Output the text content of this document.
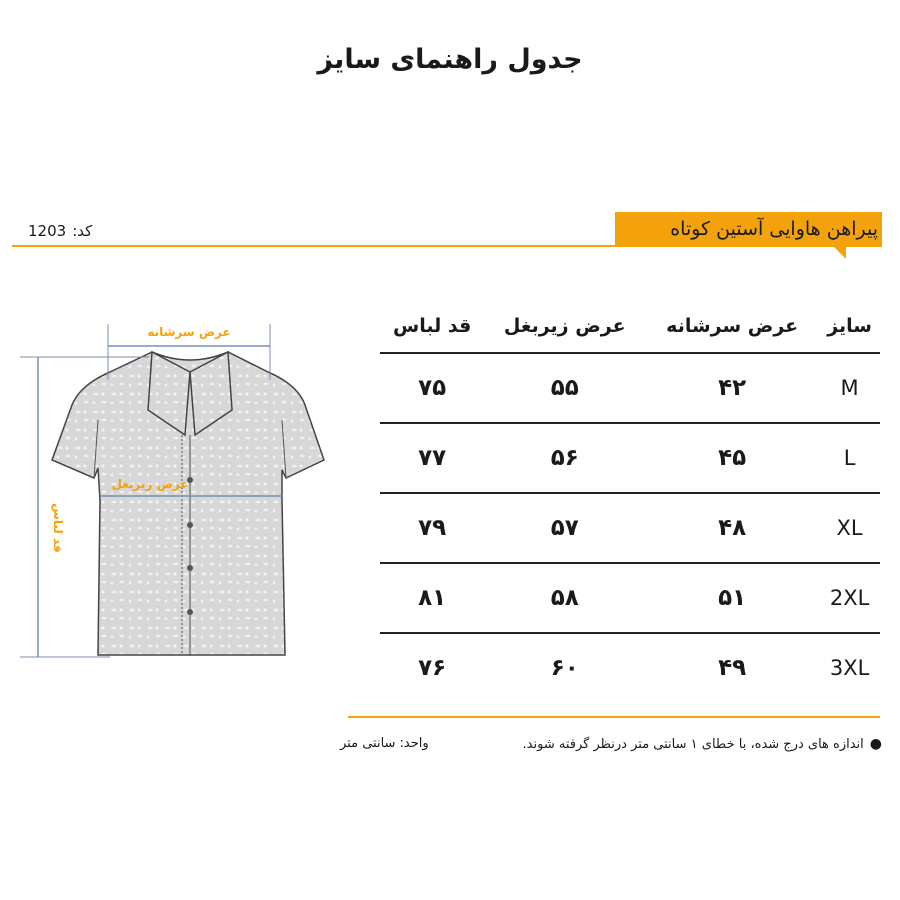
جدول راهنمای سایز
کد:1203	پیراهن هاوایی آستین کوتاه
عرض سرشانه
عرض زیربغل
قد لباس
سایز	عرض سرشانه	عرض زیربغل	قد لباس
M	۴۲	۵۵	۷۵
L	۴۵	۵۶	۷۷
XL	۴۸	۵۷	۷۹
2XL	۵۱	۵۸	۸۱
3XL	۴۹	۶۰	۷۶
●اندازه های درج شده، با خطای ۱ سانتی متر درنظر گرفته شوند.
واحد: سانتی متر
